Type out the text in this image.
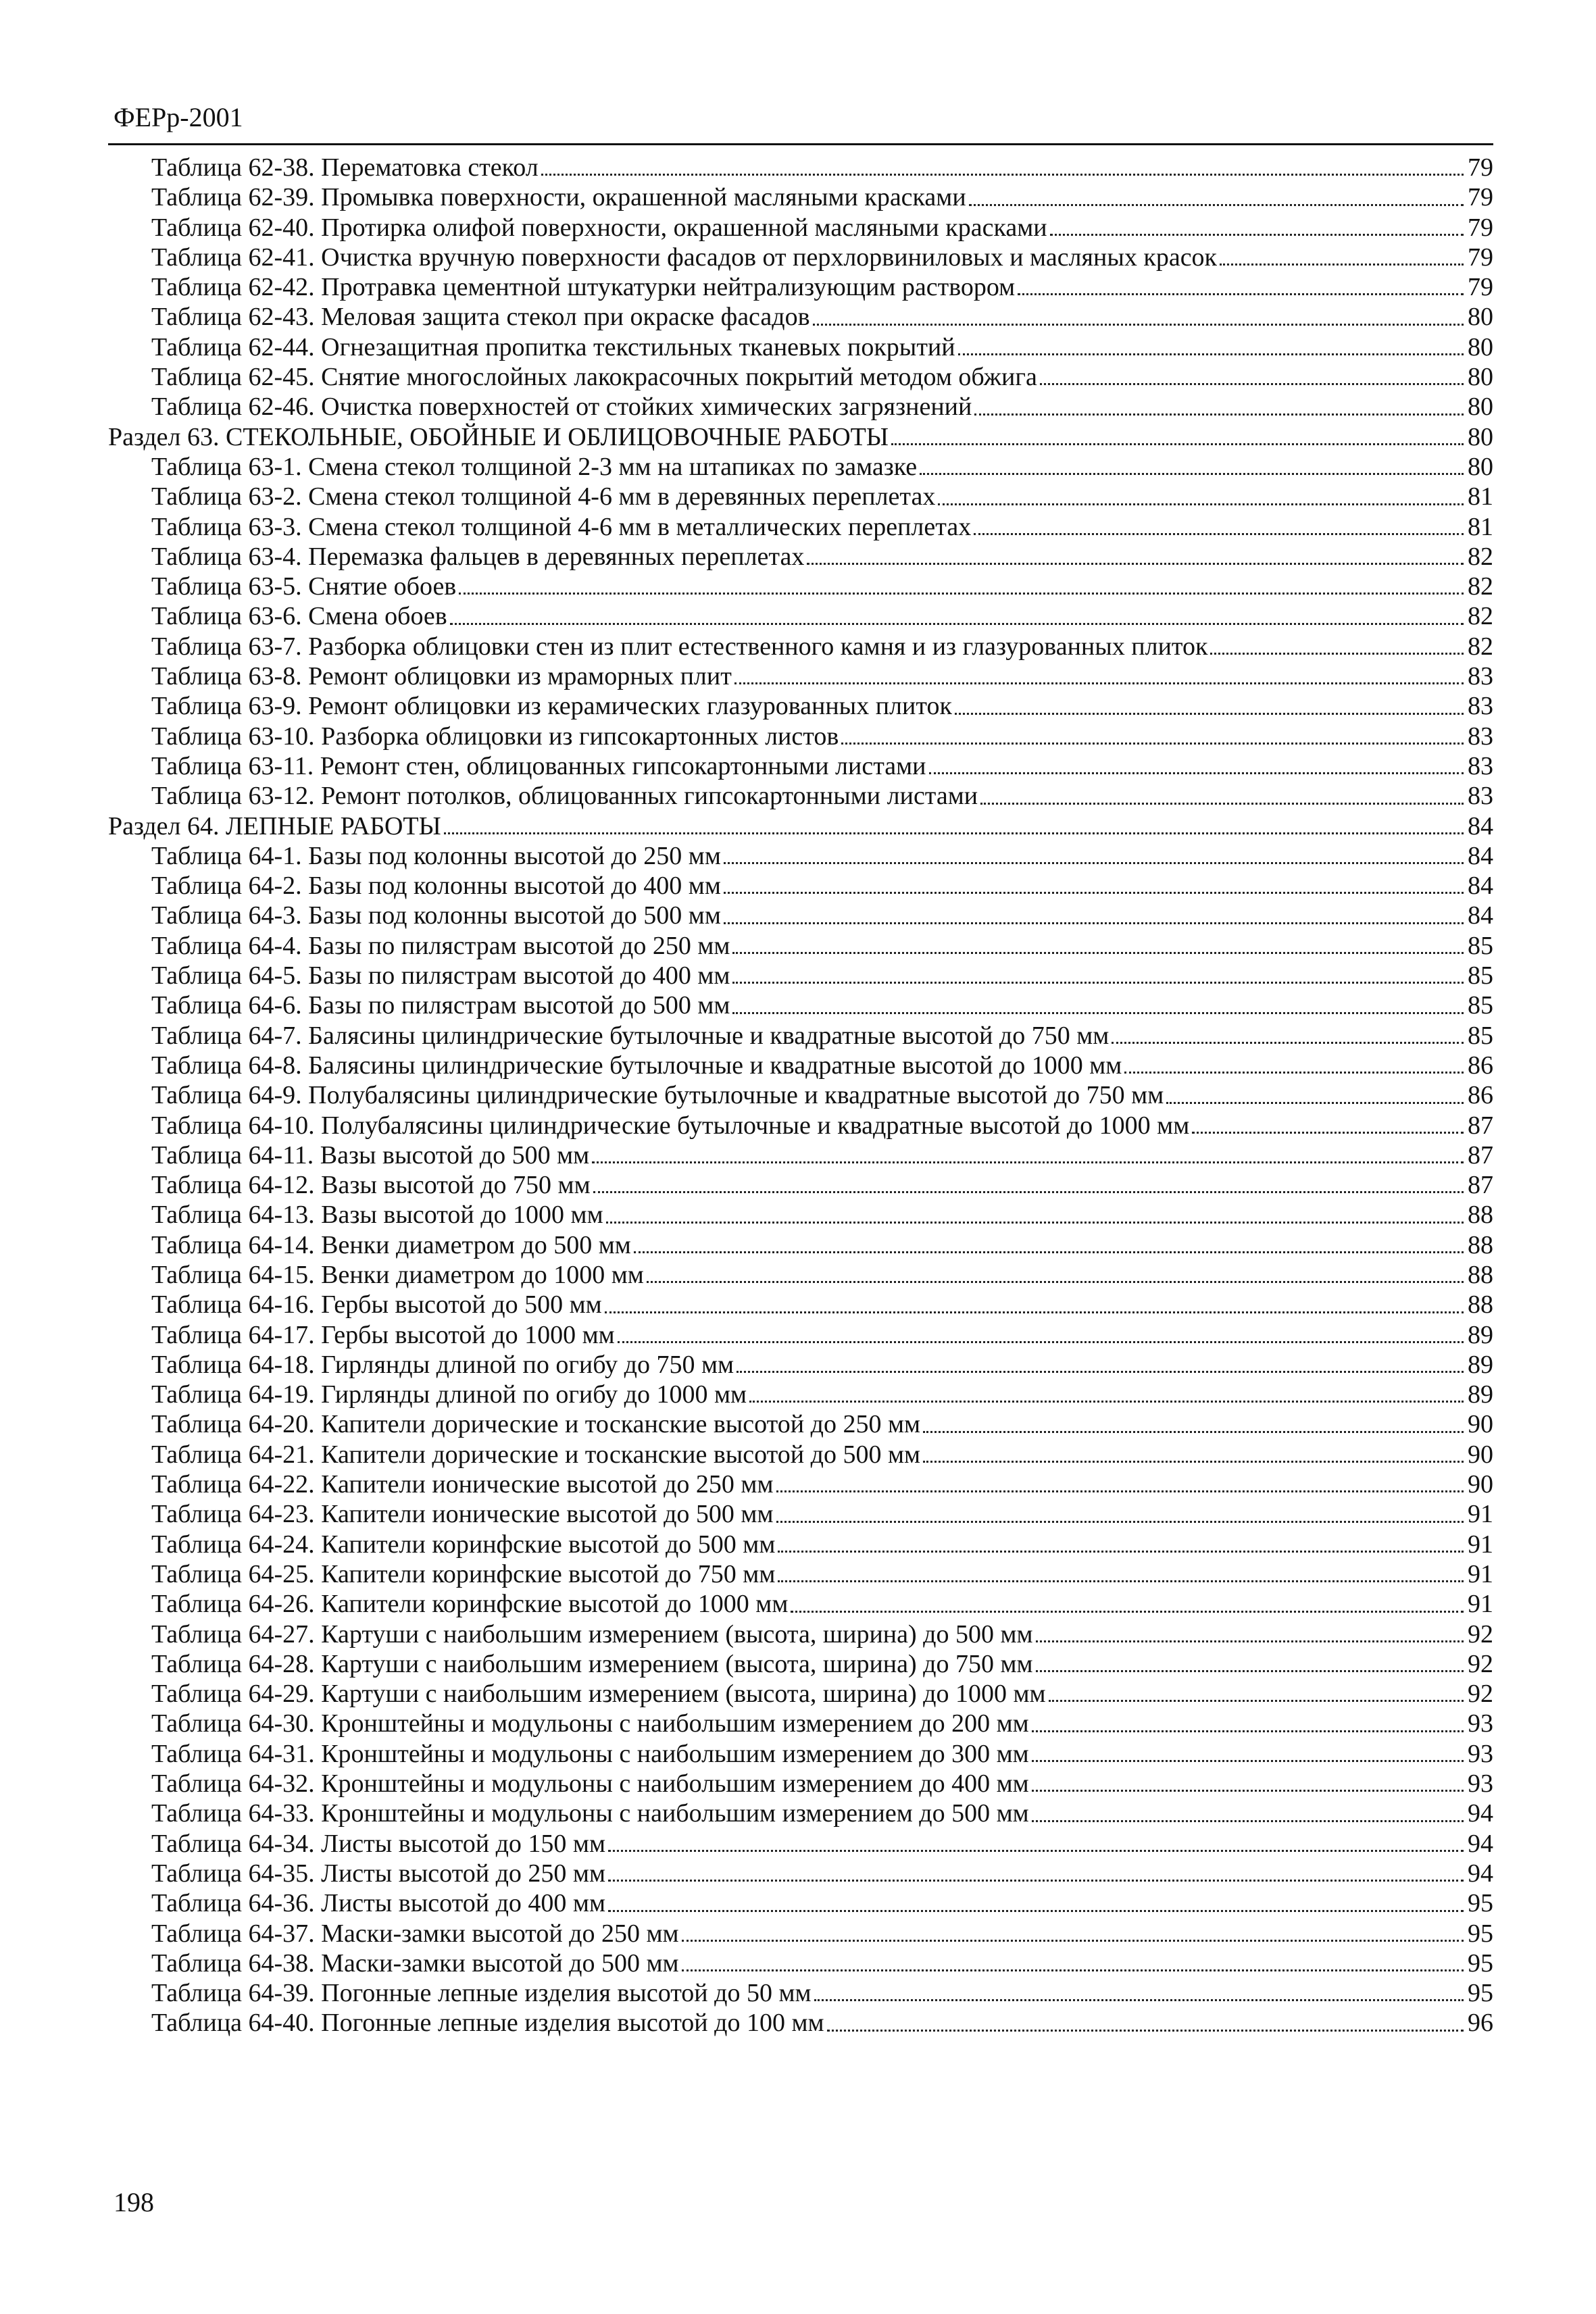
ФЕРр-2001
Таблица 62-38. Перематовка стекол	79
Таблица 62-39. Промывка поверхности, окрашенной масляными красками	79
Таблица 62-40. Протирка олифой поверхности, окрашенной масляными красками	79
Таблица 62-41. Очистка вручную поверхности фасадов от перхлорвиниловых и масляных красок	79
Таблица 62-42. Протравка цементной штукатурки нейтрализующим раствором	79
Таблица 62-43. Меловая защита стекол при окраске фасадов	80
Таблица 62-44. Огнезащитная пропитка текстильных тканевых покрытий	80
Таблица 62-45. Снятие многослойных лакокрасочных покрытий методом обжига	80
Таблица 62-46. Очистка поверхностей от стойких химических загрязнений	80
Раздел 63. СТЕКОЛЬНЫЕ, ОБОЙНЫЕ И ОБЛИЦОВОЧНЫЕ РАБОТЫ	80
Таблица 63-1. Смена стекол толщиной 2-3 мм на штапиках по замазке	80
Таблица 63-2. Смена стекол толщиной 4-6 мм в деревянных переплетах	81
Таблица 63-3. Смена стекол толщиной 4-6 мм в металлических переплетах	81
Таблица 63-4. Перемазка фальцев в деревянных переплетах	82
Таблица 63-5. Снятие обоев	82
Таблица 63-6. Смена обоев	82
Таблица 63-7. Разборка облицовки стен из плит естественного камня и из глазурованных плиток	82
Таблица 63-8. Ремонт облицовки из мраморных плит	83
Таблица 63-9. Ремонт облицовки из керамических глазурованных плиток	83
Таблица 63-10. Разборка облицовки из гипсокартонных листов	83
Таблица 63-11. Ремонт стен, облицованных гипсокартонными листами	83
Таблица 63-12. Ремонт потолков, облицованных гипсокартонными листами	83
Раздел 64. ЛЕПНЫЕ РАБОТЫ	84
Таблица 64-1. Базы под колонны высотой до 250 мм	84
Таблица 64-2. Базы под колонны высотой до 400 мм	84
Таблица 64-3. Базы под колонны высотой до 500 мм	84
Таблица 64-4. Базы по пилястрам высотой до 250 мм	85
Таблица 64-5. Базы по пилястрам высотой до 400 мм	85
Таблица 64-6. Базы по пилястрам высотой до 500 мм	85
Таблица 64-7. Балясины цилиндрические бутылочные и квадратные высотой до 750 мм	85
Таблица 64-8. Балясины цилиндрические бутылочные и квадратные высотой до 1000 мм	86
Таблица 64-9. Полубалясины цилиндрические бутылочные и квадратные высотой до 750 мм	86
Таблица 64-10. Полубалясины цилиндрические бутылочные и квадратные высотой до 1000 мм	87
Таблица 64-11. Вазы высотой до 500 мм	87
Таблица 64-12. Вазы высотой до 750 мм	87
Таблица 64-13. Вазы высотой до 1000 мм	88
Таблица 64-14. Венки диаметром до 500 мм	88
Таблица 64-15. Венки диаметром до 1000 мм	88
Таблица 64-16. Гербы высотой до 500 мм	88
Таблица 64-17. Гербы высотой до 1000 мм	89
Таблица 64-18. Гирлянды длиной по огибу до 750 мм	89
Таблица 64-19. Гирлянды длиной по огибу до 1000 мм	89
Таблица 64-20. Капители дорические и тосканские высотой до 250 мм	90
Таблица 64-21. Капители дорические и тосканские высотой до 500 мм	90
Таблица 64-22. Капители ионические высотой до 250 мм	90
Таблица 64-23. Капители ионические высотой до 500 мм	91
Таблица 64-24. Капители коринфские высотой до 500 мм	91
Таблица 64-25. Капители коринфские высотой до 750 мм	91
Таблица 64-26. Капители коринфские высотой до 1000 мм	91
Таблица 64-27. Картуши с наибольшим измерением (высота, ширина) до 500 мм	92
Таблица 64-28. Картуши с наибольшим измерением (высота, ширина) до 750 мм	92
Таблица 64-29. Картуши с наибольшим измерением (высота, ширина) до 1000 мм	92
Таблица 64-30. Кронштейны и модульоны с наибольшим измерением до 200 мм	93
Таблица 64-31. Кронштейны и модульоны с наибольшим измерением до 300 мм	93
Таблица 64-32. Кронштейны и модульоны с наибольшим измерением до 400 мм	93
Таблица 64-33. Кронштейны и модульоны с наибольшим измерением до 500 мм	94
Таблица 64-34. Листы высотой до 150 мм	94
Таблица 64-35. Листы высотой до 250 мм	94
Таблица 64-36. Листы высотой до 400 мм	95
Таблица 64-37. Маски-замки высотой до 250 мм	95
Таблица 64-38. Маски-замки высотой до 500 мм	95
Таблица 64-39. Погонные лепные изделия высотой до 50 мм	95
Таблица 64-40. Погонные лепные изделия высотой до 100 мм	96
198
